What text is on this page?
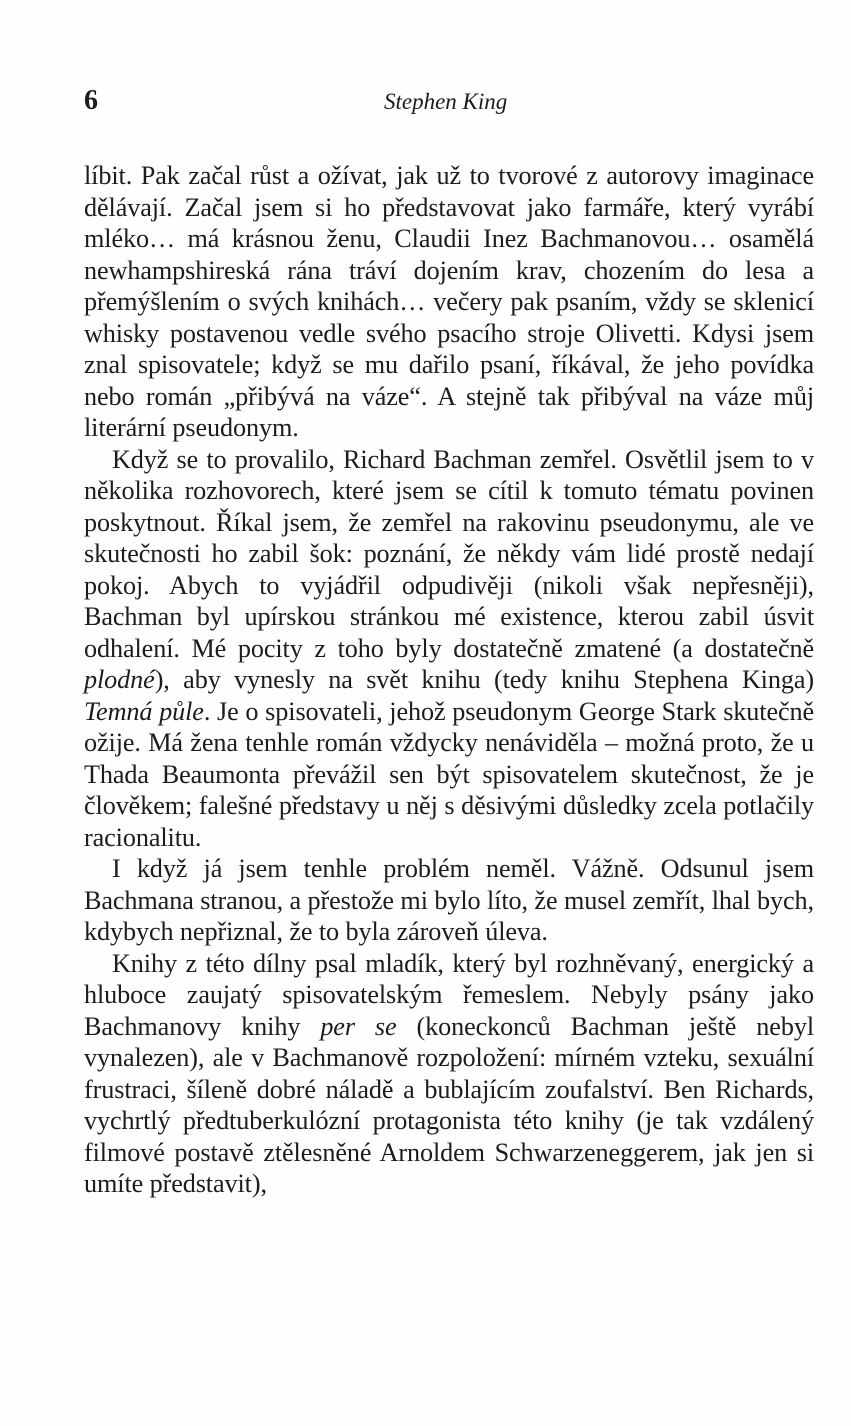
6	Stephen King

líbit. Pak začal růst a ožívat, jak už to tvorové z autorovy imaginace dělávají. Začal jsem si ho představovat jako farmáře, který vyrábí mléko… má krásnou ženu, Claudii Inez Bachmanovou… osamělá newhampshireská rána tráví dojením krav, chozením do lesa a přemýšlením o svých knihách… večery pak psaním, vždy se sklenicí whisky postavenou vedle svého psacího stroje Olivetti. Kdysi jsem znal spisovatele; když se mu dařilo psaní, říkával, že jeho povídka nebo román „přibývá na váze“. A stejně tak přibýval na váze můj literární pseudonym.

Když se to provalilo, Richard Bachman zemřel. Osvětlil jsem to v několika rozhovorech, které jsem se cítil k tomuto tématu povinen poskytnout. Říkal jsem, že zemřel na rakovinu pseudonymu, ale ve skutečnosti ho zabil šok: poznání, že někdy vám lidé prostě nedají pokoj. Abych to vyjádřil odpudivěji (nikoli však nepřesněji), Bachman byl upírskou stránkou mé existence, kterou zabil úsvit odhalení. Mé pocity z toho byly dostatečně zmatené (a dostatečně plodné), aby vynesly na svět knihu (tedy knihu Stephena Kinga) Temná půle. Je o spisovateli, jehož pseudonym George Stark skutečně ožije. Má žena tenhle román vždycky nenáviděla – možná proto, že u Thada Beaumonta převážil sen být spisovatelem skutečnost, že je člověkem; falešné představy u něj s děsivými důsledky zcela potlačily racionalitu.

I když já jsem tenhle problém neměl. Vážně. Odsunul jsem Bachmana stranou, a přestože mi bylo líto, že musel zemřít, lhal bych, kdybych nepřiznal, že to byla zároveň úleva.

Knihy z této dílny psal mladík, který byl rozhněvaný, energický a hluboce zaujatý spisovatelským řemeslem. Nebyly psány jako Bachmanovy knihy per se (koneckonců Bachman ještě nebyl vynalezen), ale v Bachmanově rozpoložení: mírném vzteku, sexuální frustraci, šíleně dobré náladě a bublajícím zoufalství. Ben Richards, vychrtlý předtuberkulózní protagonista této knihy (je tak vzdálený filmové postavě ztělesněné Arnoldem Schwarzeneggerem, jak jen si umíte představit),
